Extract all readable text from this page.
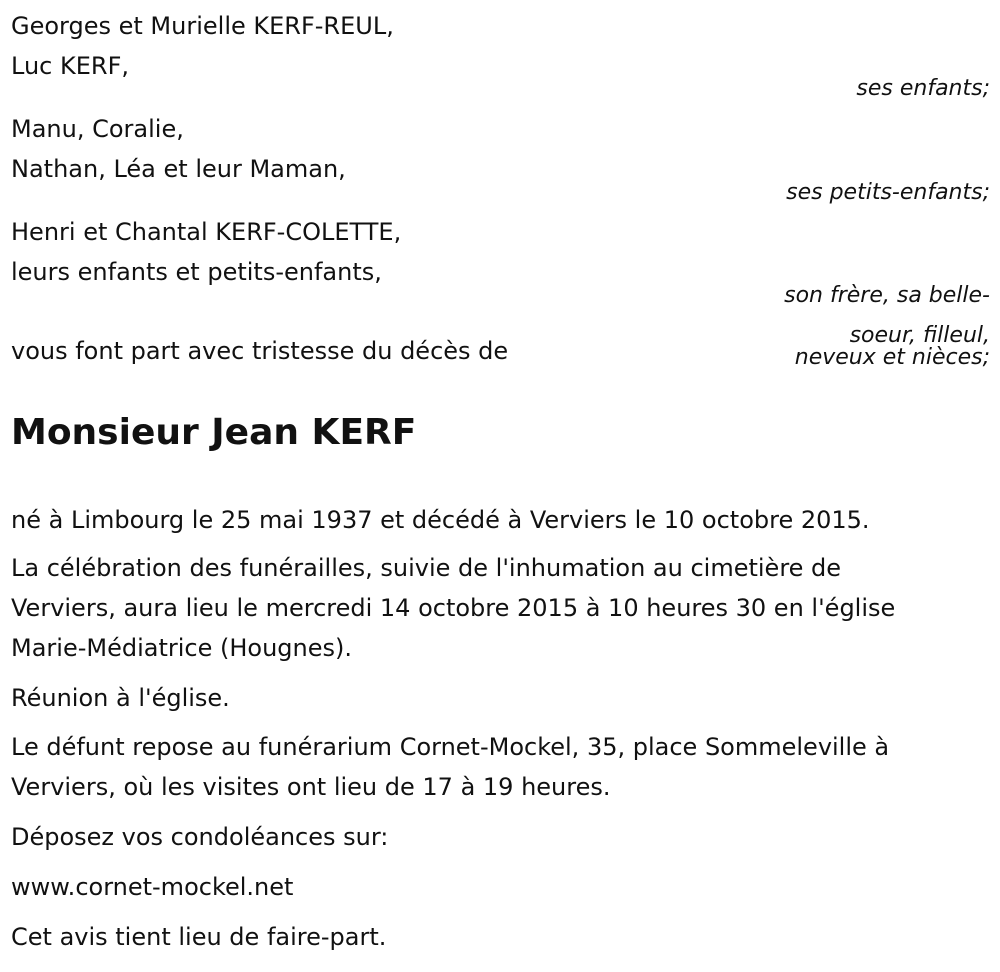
Georges et Murielle KERF-REUL,
Luc KERF,
ses enfants;
Manu, Coralie,
Nathan, Léa et leur Maman,
ses petits-enfants;
Henri et Chantal KERF-COLETTE,
leurs enfants et petits-enfants,
son frère, sa belle-
soeur, filleul,
neveux et nièces;
vous font part avec tristesse du décès de
Monsieur Jean KERF
né à Limbourg le 25 mai 1937 et décédé à Verviers le 10 octobre 2015.
La célébration des funérailles, suivie de l'inhumation au cimetière de
Verviers, aura lieu le mercredi 14 octobre 2015 à 10 heures 30 en l'église
Marie-Médiatrice (Hougnes).
Réunion à l'église.
Le défunt repose au funérarium Cornet-Mockel, 35, place Sommeleville à
Verviers, où les visites ont lieu de 17 à 19 heures.
Déposez vos condoléances sur:
www.cornet-mockel.net
Cet avis tient lieu de faire-part.
